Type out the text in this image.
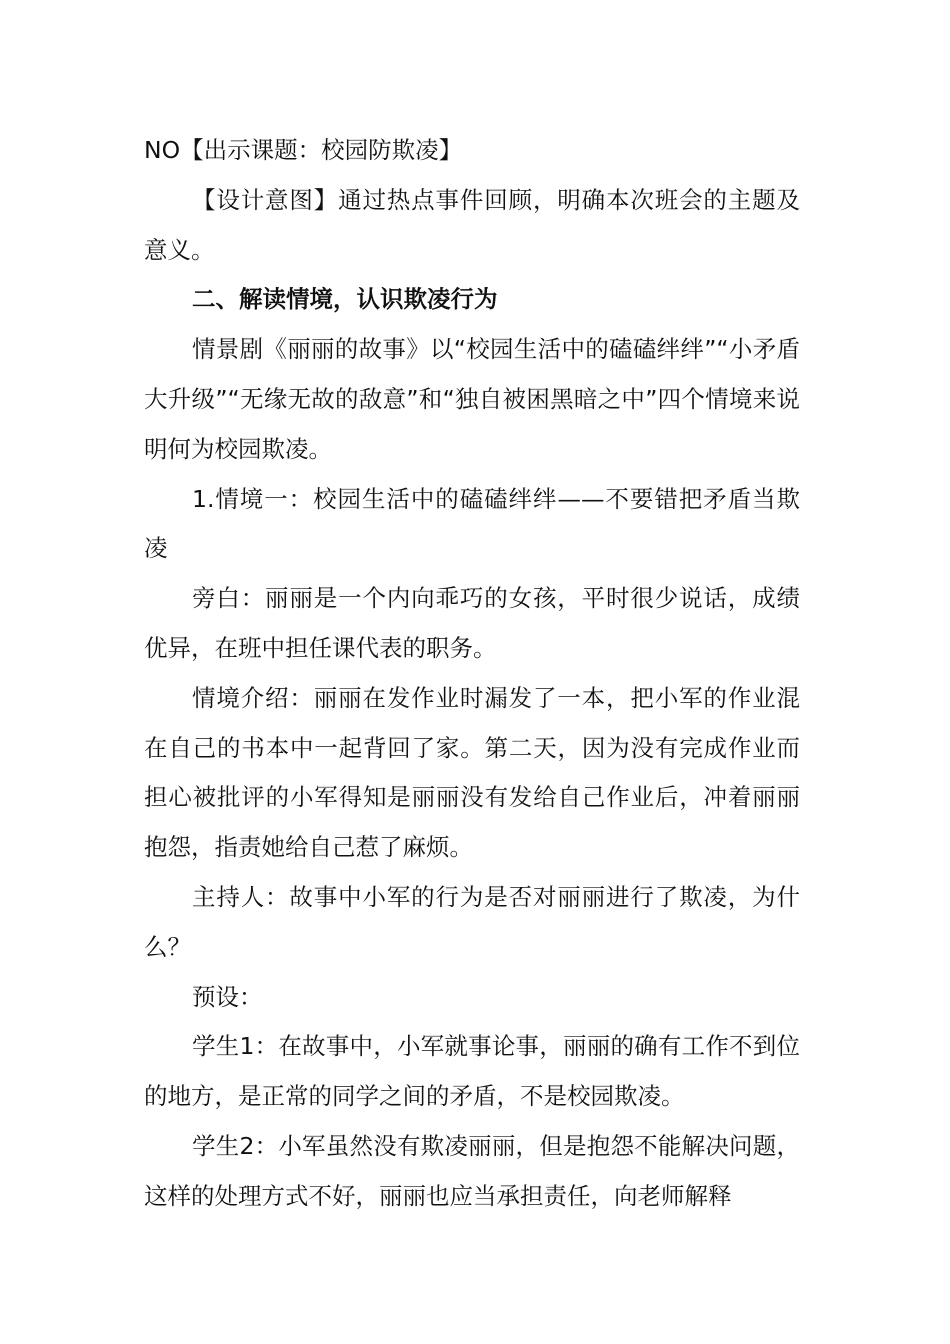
NO【出示课题：校园防欺凌】

【设计意图】通过热点事件回顾，明确本次班会的主题及意义。

二、解读情境，认识欺凌行为

情景剧《丽丽的故事》以“校园生活中的磕磕绊绊”“小矛盾大升级”“无缘无故的敌意”和“独自被困黑暗之中”四个情境来说明何为校园欺凌。

1.情境一：校园生活中的磕磕绊绊——不要错把矛盾当欺凌

旁白：丽丽是一个内向乖巧的女孩，平时很少说话，成绩优异，在班中担任课代表的职务。

情境介绍：丽丽在发作业时漏发了一本，把小军的作业混在自己的书本中一起背回了家。第二天，因为没有完成作业而担心被批评的小军得知是丽丽没有发给自己作业后，冲着丽丽抱怨，指责她给自己惹了麻烦。

主持人：故事中小军的行为是否对丽丽进行了欺凌，为什么？

预设：

学生1：在故事中，小军就事论事，丽丽的确有工作不到位的地方，是正常的同学之间的矛盾，不是校园欺凌。

学生2：小军虽然没有欺凌丽丽，但是抱怨不能解决问题，这样的处理方式不好，丽丽也应当承担责任，向老师解释
